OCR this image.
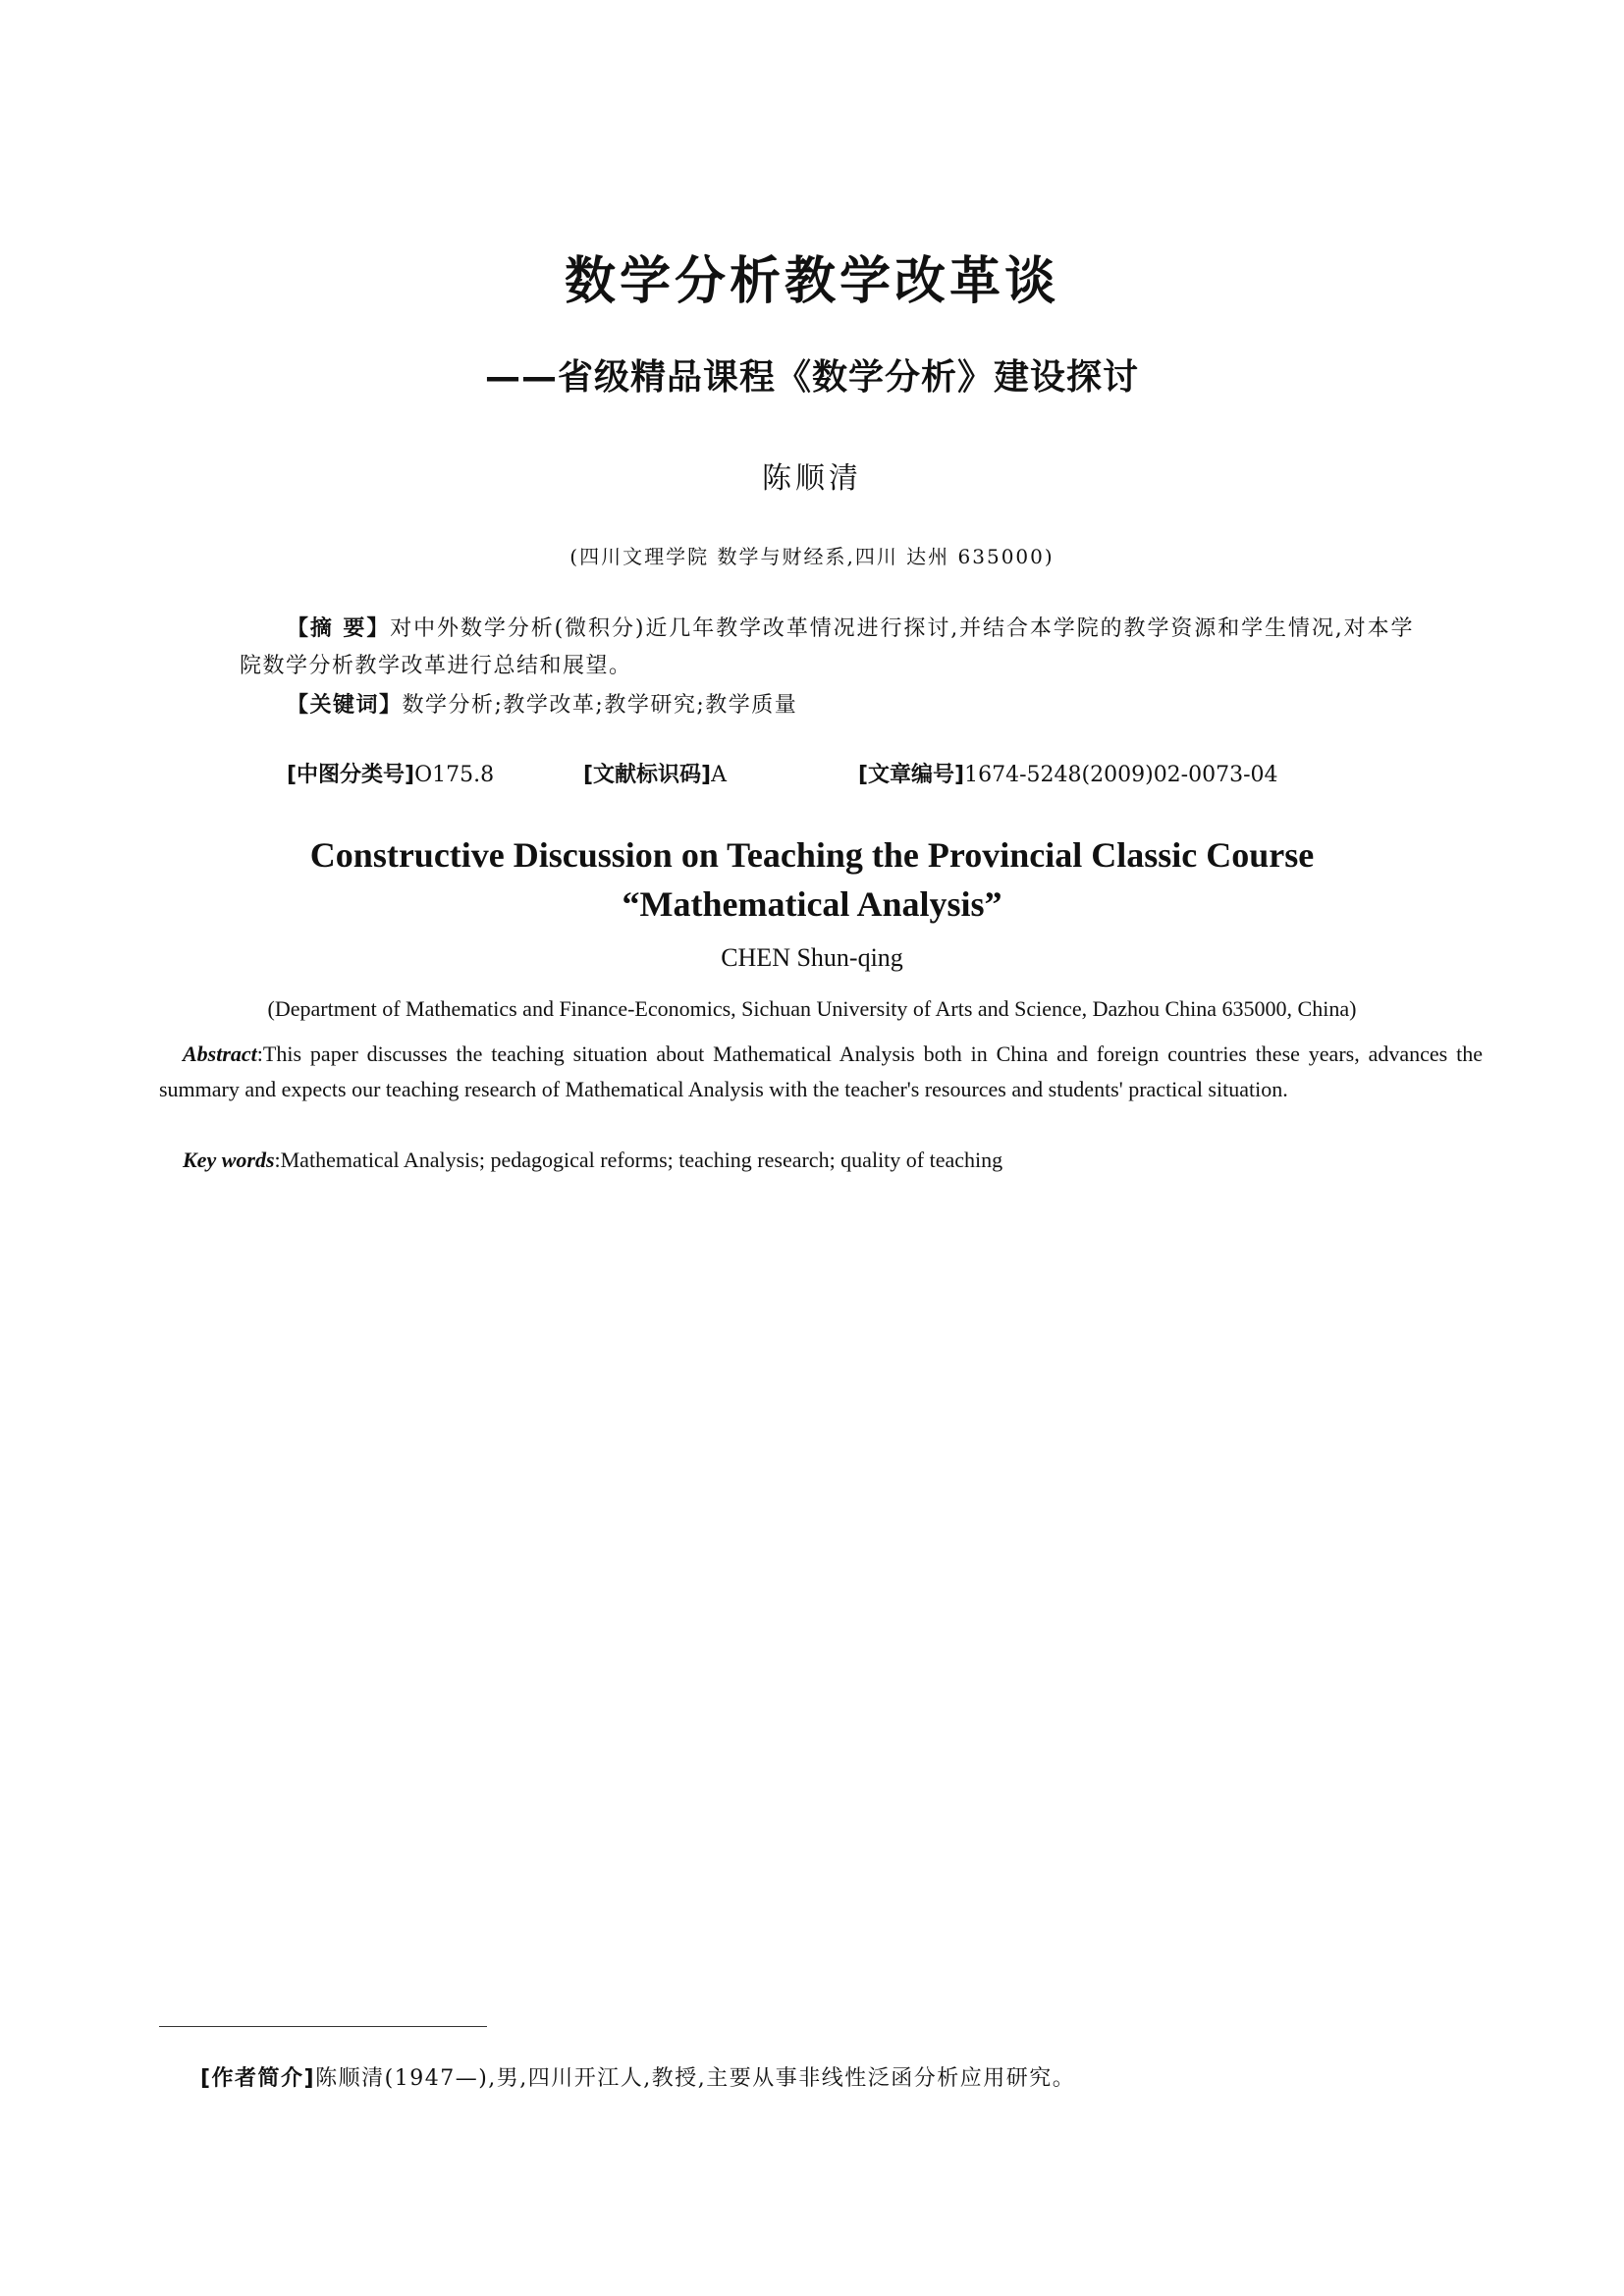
数学分析教学改革谈
——省级精品课程《数学分析》建设探讨
陈顺清
(四川文理学院 数学与财经系,四川 达州 635000)
【摘 要】对中外数学分析(微积分)近几年教学改革情况进行探讨,并结合本学院的教学资源和学生情况,对本学院数学分析教学改革进行总结和展望。
【关键词】数学分析;教学改革;教学研究;教学质量
[中图分类号]O175.8	[文献标识码]A	[文章编号]1674-5248(2009)02-0073-04
Constructive Discussion on Teaching the Provincial Classic Course
“Mathematical Analysis”
CHEN Shun-qing
(Department of Mathematics and Finance-Economics, Sichuan University of Arts and Science, Dazhou China 635000, China)
Abstract:This paper discusses the teaching situation about Mathematical Analysis both in China and foreign countries these years, advances the summary and expects our teaching research of Mathematical Analysis with the teacher's resources and students' practical situation.
Key words:Mathematical Analysis; pedagogical reforms; teaching research; quality of teaching
[作者简介]陈顺清(1947—),男,四川开江人,教授,主要从事非线性泛函分析应用研究。
